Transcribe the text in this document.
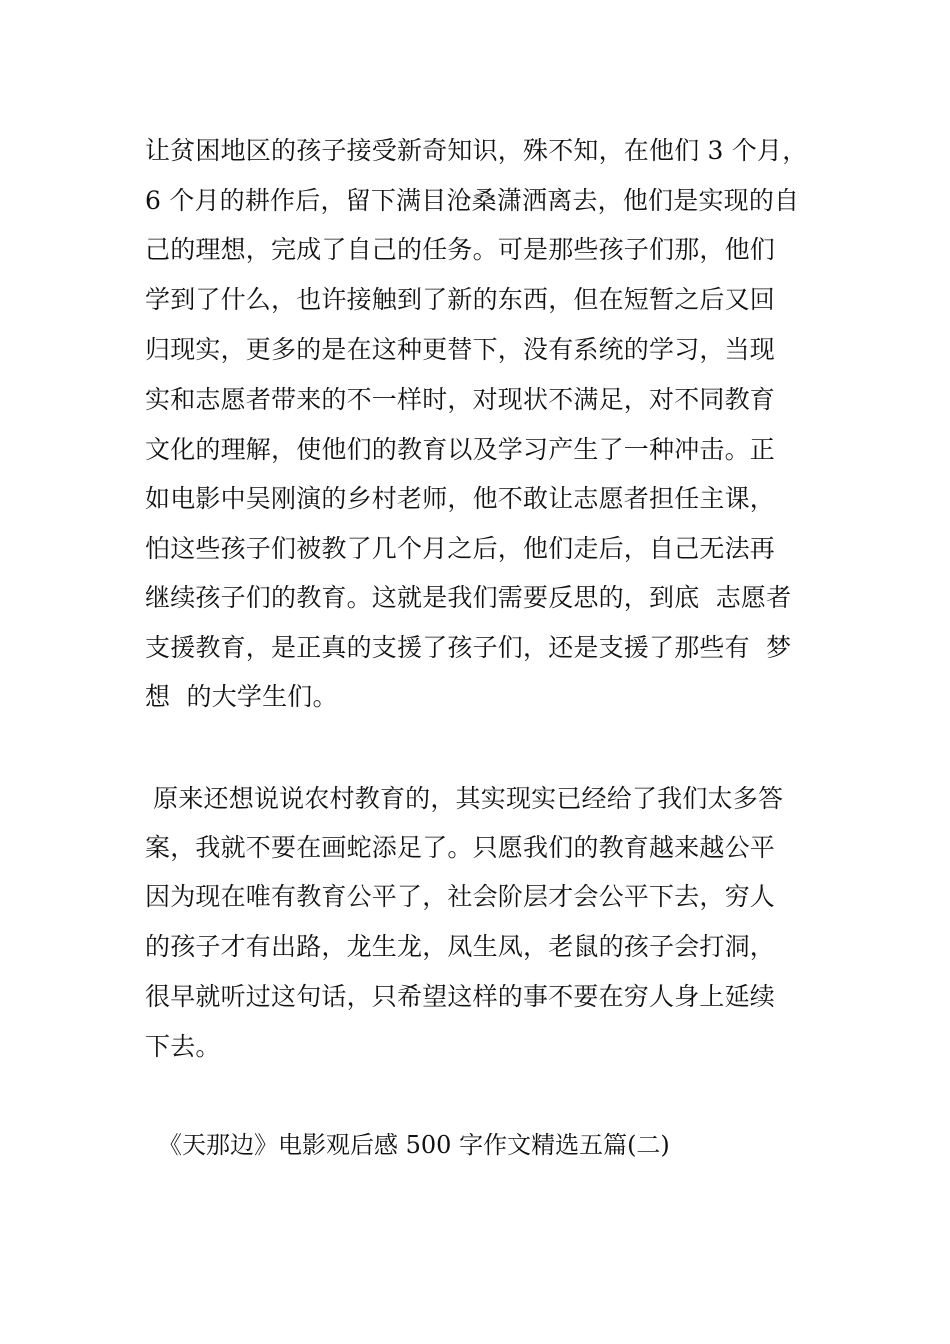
让贫困地区的孩子接受新奇知识，殊不知，在他们 3 个月，
6 个月的耕作后，留下满目沧桑潇洒离去，他们是实现的自
己的理想，完成了自己的任务。可是那些孩子们那，他们
学到了什么，也许接触到了新的东西，但在短暂之后又回
归现实，更多的是在这种更替下，没有系统的学习，当现
实和志愿者带来的不一样时，对现状不满足，对不同教育
文化的理解，使他们的教育以及学习产生了一种冲击。正
如电影中吴刚演的乡村老师，他不敢让志愿者担任主课，
怕这些孩子们被教了几个月之后，他们走后，自己无法再
继续孩子们的教育。这就是我们需要反思的，到底  志愿者
支援教育，是正真的支援了孩子们，还是支援了那些有  梦
想  的大学生们。
原来还想说说农村教育的，其实现实已经给了我们太多答
案，我就不要在画蛇添足了。只愿我们的教育越来越公平
因为现在唯有教育公平了，社会阶层才会公平下去，穷人
的孩子才有出路，龙生龙，凤生凤，老鼠的孩子会打洞，
很早就听过这句话，只希望这样的事不要在穷人身上延续
下去。
《天那边》电影观后感 500 字作文精选五篇(二)
